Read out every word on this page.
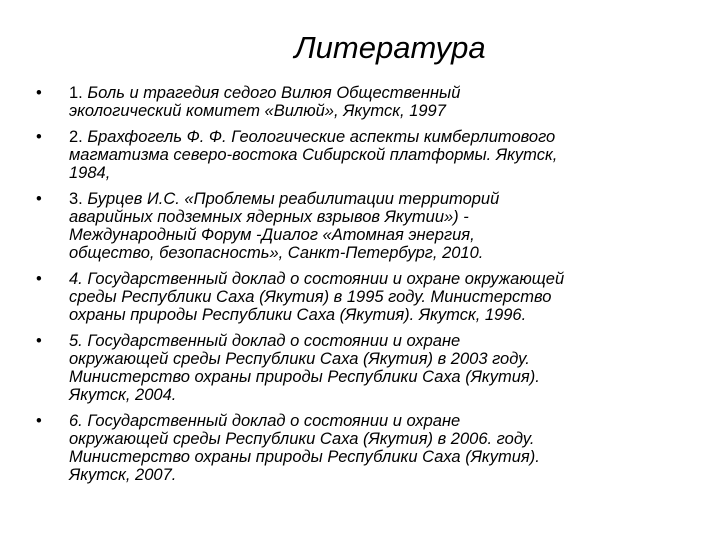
Литература
•	1. Боль и трагедия седого Вилюя Общественный
экологический комитет «Вилюй», Якутск, 1997
•	2. Брахфогель Ф. Ф. Геологические аспекты кимберлитового
магматизма северо-востока Сибирской платформы. Якутск,
1984,
•	3. Бурцев И.С. «Проблемы реабилитации территорий
аварийных подземных ядерных взрывов Якутии») -
Международный Форум -Диалог «Атомная энергия,
общество, безопасность», Санкт-Петербург, 2010.
•	4. Государственный доклад о состоянии и охране окружающей
среды Республики Саха (Якутия) в 1995 году. Министерство
охраны природы Республики Саха (Якутия). Якутск, 1996.
•	5. Государственный доклад о состоянии и охране
окружающей среды Республики Саха (Якутия) в 2003 году.
Министерство охраны природы Республики Саха (Якутия).
Якутск, 2004.
•	6. Государственный доклад о состоянии и охране
окружающей среды Республики Саха (Якутия) в 2006. году.
Министерство охраны природы Республики Саха (Якутия).
Якутск, 2007.
